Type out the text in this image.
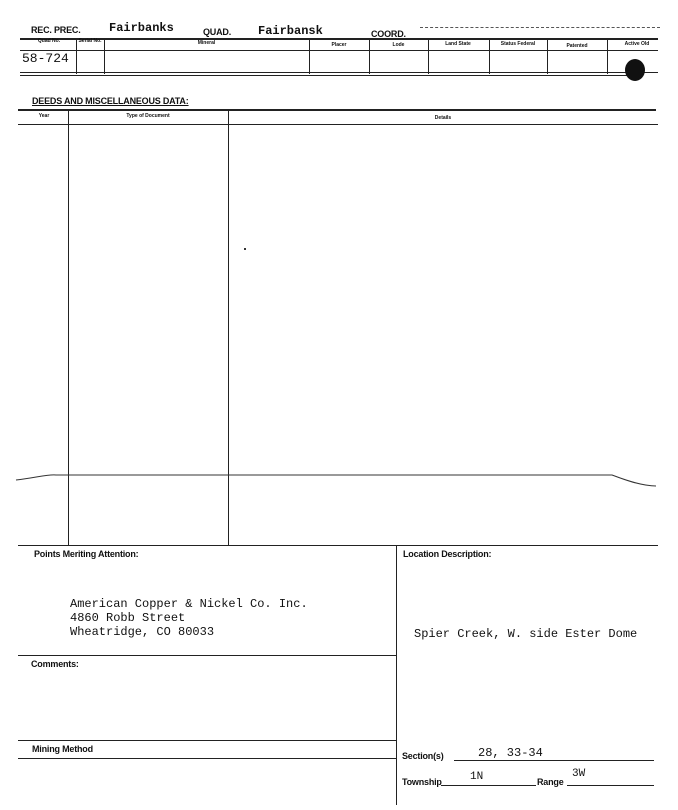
REC. PREC. Fairbanks	QUAD. Fairbansk	COORD.
Quad No.	Serial No.	Mineral	Placer	Lode	Land State	Status Federal	Patented	Active Old
58-724
DEEDS AND MISCELLANEOUS DATA:
Year	Type of Document	Details
Points Meriting Attention:
American Copper & Nickel Co. Inc.
4860 Robb Street
Wheatridge, CO 80033
Location Description:
Spier Creek, W. side Ester Dome
Comments:
Mining Method
Section(s)	28, 33-34
Township	1N	Range
3W
